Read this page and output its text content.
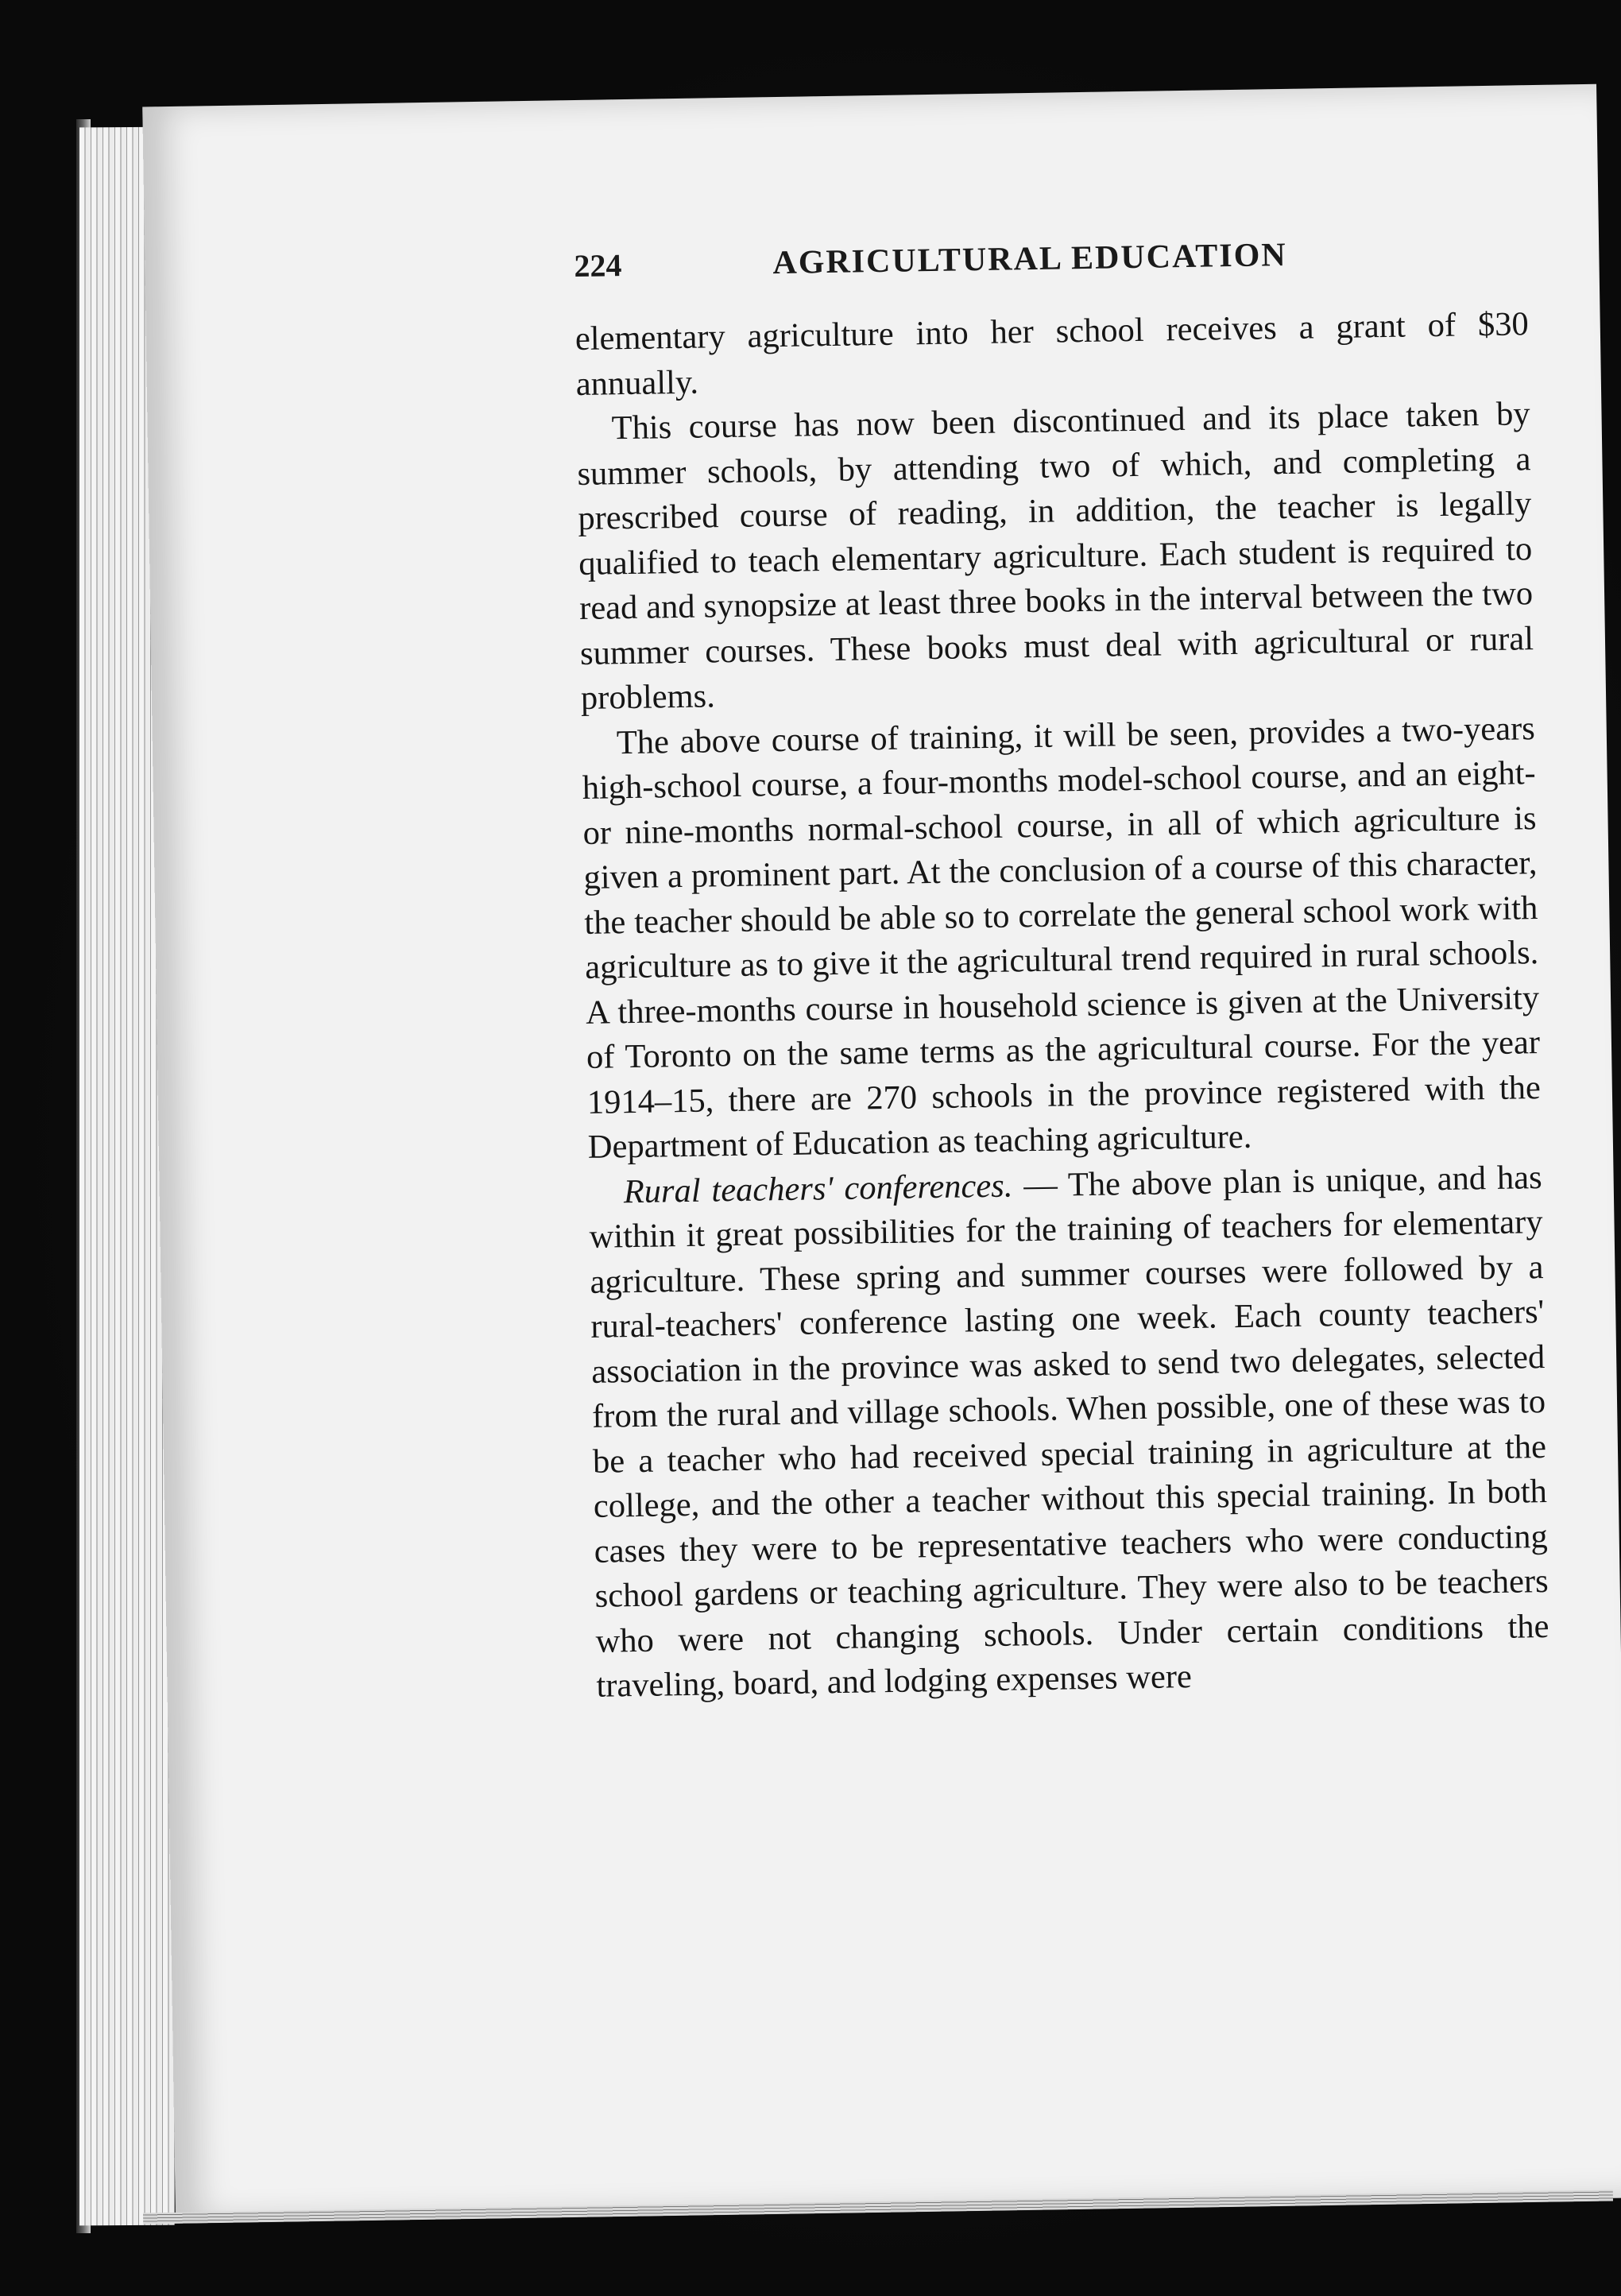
224	AGRICULTURAL EDUCATION

elementary agriculture into her school receives a grant of $30 annually.

This course has now been discontinued and its place taken by summer schools, by attending two of which, and completing a prescribed course of reading, in addition, the teacher is legally qualified to teach elementary agriculture. Each student is required to read and synopsize at least three books in the interval between the two summer courses. These books must deal with agricultural or rural problems.

The above course of training, it will be seen, provides a two-years high-school course, a four-months model-school course, and an eight- or nine-months normal-school course, in all of which agriculture is given a prominent part. At the conclusion of a course of this character, the teacher should be able so to correlate the general school work with agriculture as to give it the agricultural trend required in rural schools. A three-months course in household science is given at the University of Toronto on the same terms as the agricultural course. For the year 1914–15, there are 270 schools in the province registered with the Department of Education as teaching agriculture.

Rural teachers' conferences. — The above plan is unique, and has within it great possibilities for the training of teachers for elementary agriculture. These spring and summer courses were followed by a rural-teachers' conference lasting one week. Each county teachers' association in the province was asked to send two delegates, selected from the rural and village schools. When possible, one of these was to be a teacher who had received special training in agriculture at the college, and the other a teacher without this special training. In both cases they were to be representative teachers who were conducting school gardens or teaching agriculture. They were also to be teachers who were not changing schools. Under certain conditions the traveling, board, and lodging expenses were
